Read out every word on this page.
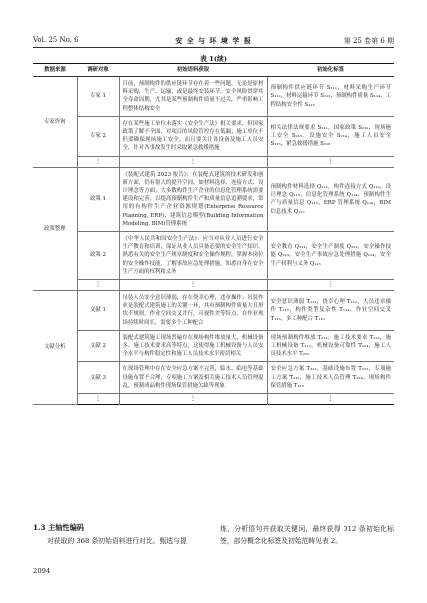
Vol. 25 No. 6	安 全 与 环 境 学 报	第 25 卷第 6 期
表 1(续)
数据来源	调研对象	初始语料获取	初始化标签
专家咨询	专家 1	目前，预制构件的供应链环节存在着一些问题，无论是原材料采购、生产、运输，或是最终安装环节，安全风险贯穿其全寿命周期，尤其是某些预制构件质量不过关，严重影响工程整体结构安全	预制构件供应链环节 S₁₁₁，材料采购生产环节 S₁₁₂，材料运输环节 S₁₁₃，预制构件质量 S₁₁₄，工程结构安全性 S₁₁₅
	专家 2	存在某些施工单位未落实《安全生产法》相关要求，但国家政策了解不全面，对项目的风险管控存在低漏；施工单位不但要确保现场施工安全，而且要关注各设备及施工人员安全，针对各事故发生时采取紧急救援措施	相关法律法规要求 S₂₁₁，国家政策 S₂₁₂，现场施工安全 S₂₁₃，设施安全 S₂₁₄，施工人员安全 S₂₁₅，紧急救援措施 S₂₁₆
	⋮	⋮	⋮
政策整理	政策 1	《装配式建筑 2023 报告》：在装配式建筑的技术研发和创新方面，仍有很大的提升空间，如材料选择、连接方式、设计理念等方面；大多数构件生产企业的信息化管理系统需要建设和完善，以提高预制构件生产和质量信息追溯要求，常用的有构件生产企业资源规划(Enterprise Resource Planning, ERP)、建筑信息模型(Building Information Modeling, BIM)管理系统	预制构件材料选择 Q₁₁₁，构件连接方式 Q₁₁₂，设计理念 Q₁₁₃，信息化管理系统 Q₁₁₄，预制构件生产与质量信息 Q₁₁₅，ERP 管理系统 Q₁₁₆，BIM 信息技术 Q₁₁₇
	政策 2	《中华人民共和国安全生产法》：应当对从业人员进行安全生产教育和培训，保证从业人员具备必要的安全生产知识，熟悉有关的安全生产规章制度和安全操作规程，掌握本岗位的安全操作技能，了解事故应急处理措施，知悉自身在安全生产方面的权利和义务	安全教育 Q₂₁₁，安全生产制度 Q₂₁₂，安全操作技能 Q₂₁₃，安全生产事故应急处理措施 Q₂₁₄，安全生产权利与义务 Q₂₁₅
	⋮	⋮	⋮
文献分析	文献 1	吊装人员安全意识薄弱，存在侥幸心理，违章操作；吊装作业是装配式建筑施工的关键一环，其有预制构件质量大且形状不规则，作业空间交叉并行，可视性差等特点，在作业现场持续时间长，需要多个工种配合	安全意识薄弱 T₁₁₁，侥幸心理 T₁₁₂，人员违章操作 T₁₁₃，构件类型复杂性 T₁₁₄，作业空间交叉 T₁₁₅，多工种配合 T₁₁₆
	文献 2	装配式建筑施工现场普遍存在现场构件堆放量大、机械设备多、施工技术要求高等特点，这使得施工机械设备与人员安全水平与构件稳定性和施工人员技术水平密切相关	现场预制构件堆放 T₂₁₁，施工技术要求 T₂₁₂，施工机械设备 T₂₁₃，机械设备可靠性 T₂₁₄，施工人员技术水平 T₂₁₅
	文献 3	在现场管理中存在安全应急方案不完善，临水、临电等基础设施布置不合理，专项施工方案及相关施工技术人员管理混乱，预制成品构件现场保管措施欠缺等现象	安全应急方案 T₃₁₁，基础设施布置 T₃₁₂，专项施工方案 T₃₁₃，施工技术人员管理 T₃₁₄，现场构件保管措施 T₃₁₅
	⋮	⋮	⋮
1.3 主轴性编码
对获取的 368 条初始语料进行对比、甄选与提
炼，分析语句并获取关键词，最终获得 312 条初始化标签，部分概念化标签及初始范畴见表 2。
2094
